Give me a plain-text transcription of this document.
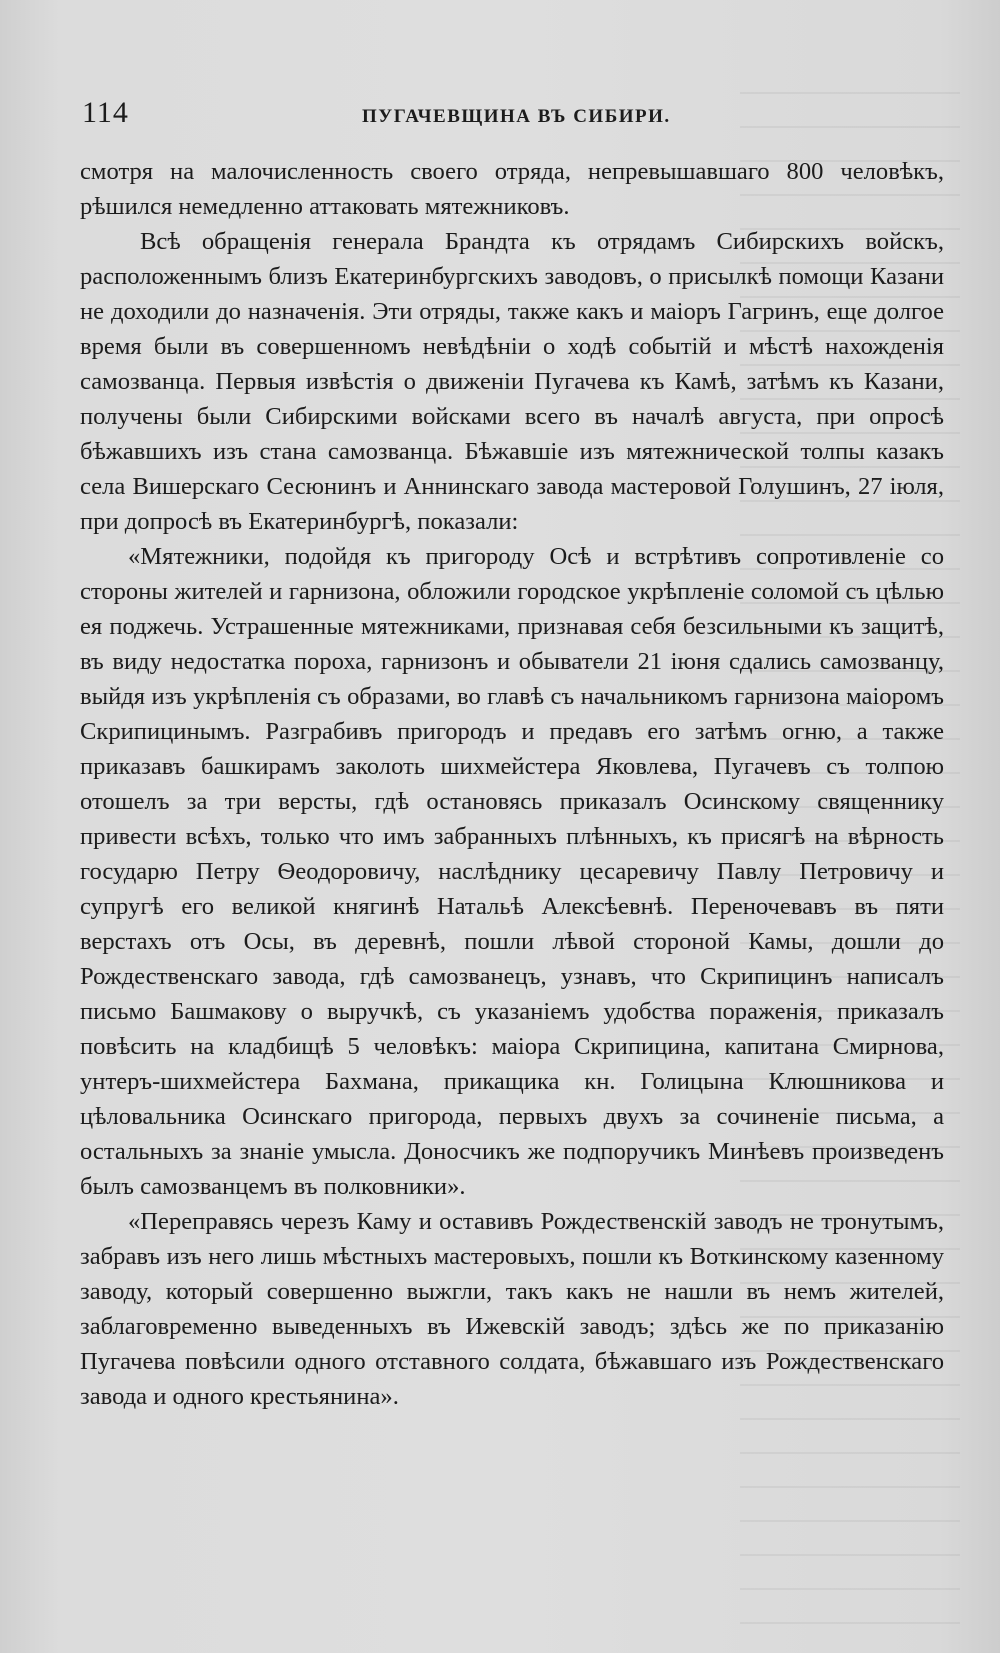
114	ПУГАЧЕВЩИНА ВЪ СИБИРИ.

смотря на малочисленность своего отряда, непревышавшаго 800 человѣкъ, рѣшился немедленно аттаковать мятежниковъ.

Всѣ обращенія генерала Брандта къ отрядамъ Сибирскихъ войскъ, расположеннымъ близъ Екатеринбургскихъ заводовъ, о присылкѣ помощи Казани не доходили до назначенія. Эти отряды, также какъ и маіоръ Гагринъ, еще долгое время были въ совершенномъ невѣдѣніи о ходѣ событій и мѣстѣ нахожденія самозванца. Первыя извѣстія о движеніи Пугачева къ Камѣ, затѣмъ къ Казани, получены были Сибирскими войсками всего въ началѣ августа, при опросѣ бѣжавшихъ изъ стана самозванца. Бѣжавшіе изъ мятежнической толпы казакъ села Вишерскаго Сесюнинъ и Аннинскаго завода мастеровой Голушинъ, 27 іюля, при допросѣ въ Екатеринбургѣ, показали:

«Мятежники, подойдя къ пригороду Осѣ и встрѣтивъ сопротивленіе со стороны жителей и гарнизона, обложили городское укрѣпленіе соломой съ цѣлью ея поджечь. Устрашенные мятежниками, признавая себя безсильными къ защитѣ, въ виду недостатка пороха, гарнизонъ и обыватели 21 іюня сдались самозванцу, выйдя изъ укрѣпленія съ образами, во главѣ съ начальникомъ гарнизона маіоромъ Скрипицинымъ. Разграбивъ пригородъ и предавъ его затѣмъ огню, а также приказавъ башкирамъ заколоть шихмейстера Яковлева, Пугачевъ съ толпою отошелъ за три версты, гдѣ остановясь приказалъ Осинскому священнику привести всѣхъ, только что имъ забранныхъ плѣнныхъ, къ присягѣ на вѣрность государю Петру Ѳеодоровичу, наслѣднику цесаревичу Павлу Петровичу и супругѣ его великой княгинѣ Натальѣ Алексѣевнѣ. Переночевавъ въ пяти верстахъ отъ Осы, въ деревнѣ, пошли лѣвой стороной Камы, дошли до Рождественскаго завода, гдѣ самозванецъ, узнавъ, что Скрипицинъ написалъ письмо Башмакову о выручкѣ, съ указаніемъ удобства пораженія, приказалъ повѣсить на кладбищѣ 5 человѣкъ: маіора Скрипицина, капитана Смирнова, унтеръ-шихмейстера Бахмана, прикащика кн. Голицына Клюшникова и цѣловальника Осинскаго пригорода, первыхъ двухъ за сочиненіе письма, а остальныхъ за знаніе умысла. Доносчикъ же подпоручикъ Минѣевъ произведенъ былъ самозванцемъ въ полковники».

«Переправясь черезъ Каму и оставивъ Рождественскій заводъ не тронутымъ, забравъ изъ него лишь мѣстныхъ мастеровыхъ, пошли къ Воткинскому казенному заводу, который совершенно выжгли, такъ какъ не нашли въ немъ жителей, заблаговременно выведенныхъ въ Ижевскій заводъ; здѣсь же по приказанію Пугачева повѣсили одного отставного солдата, бѣжавшаго изъ Рождественскаго завода и одного крестьянина».
